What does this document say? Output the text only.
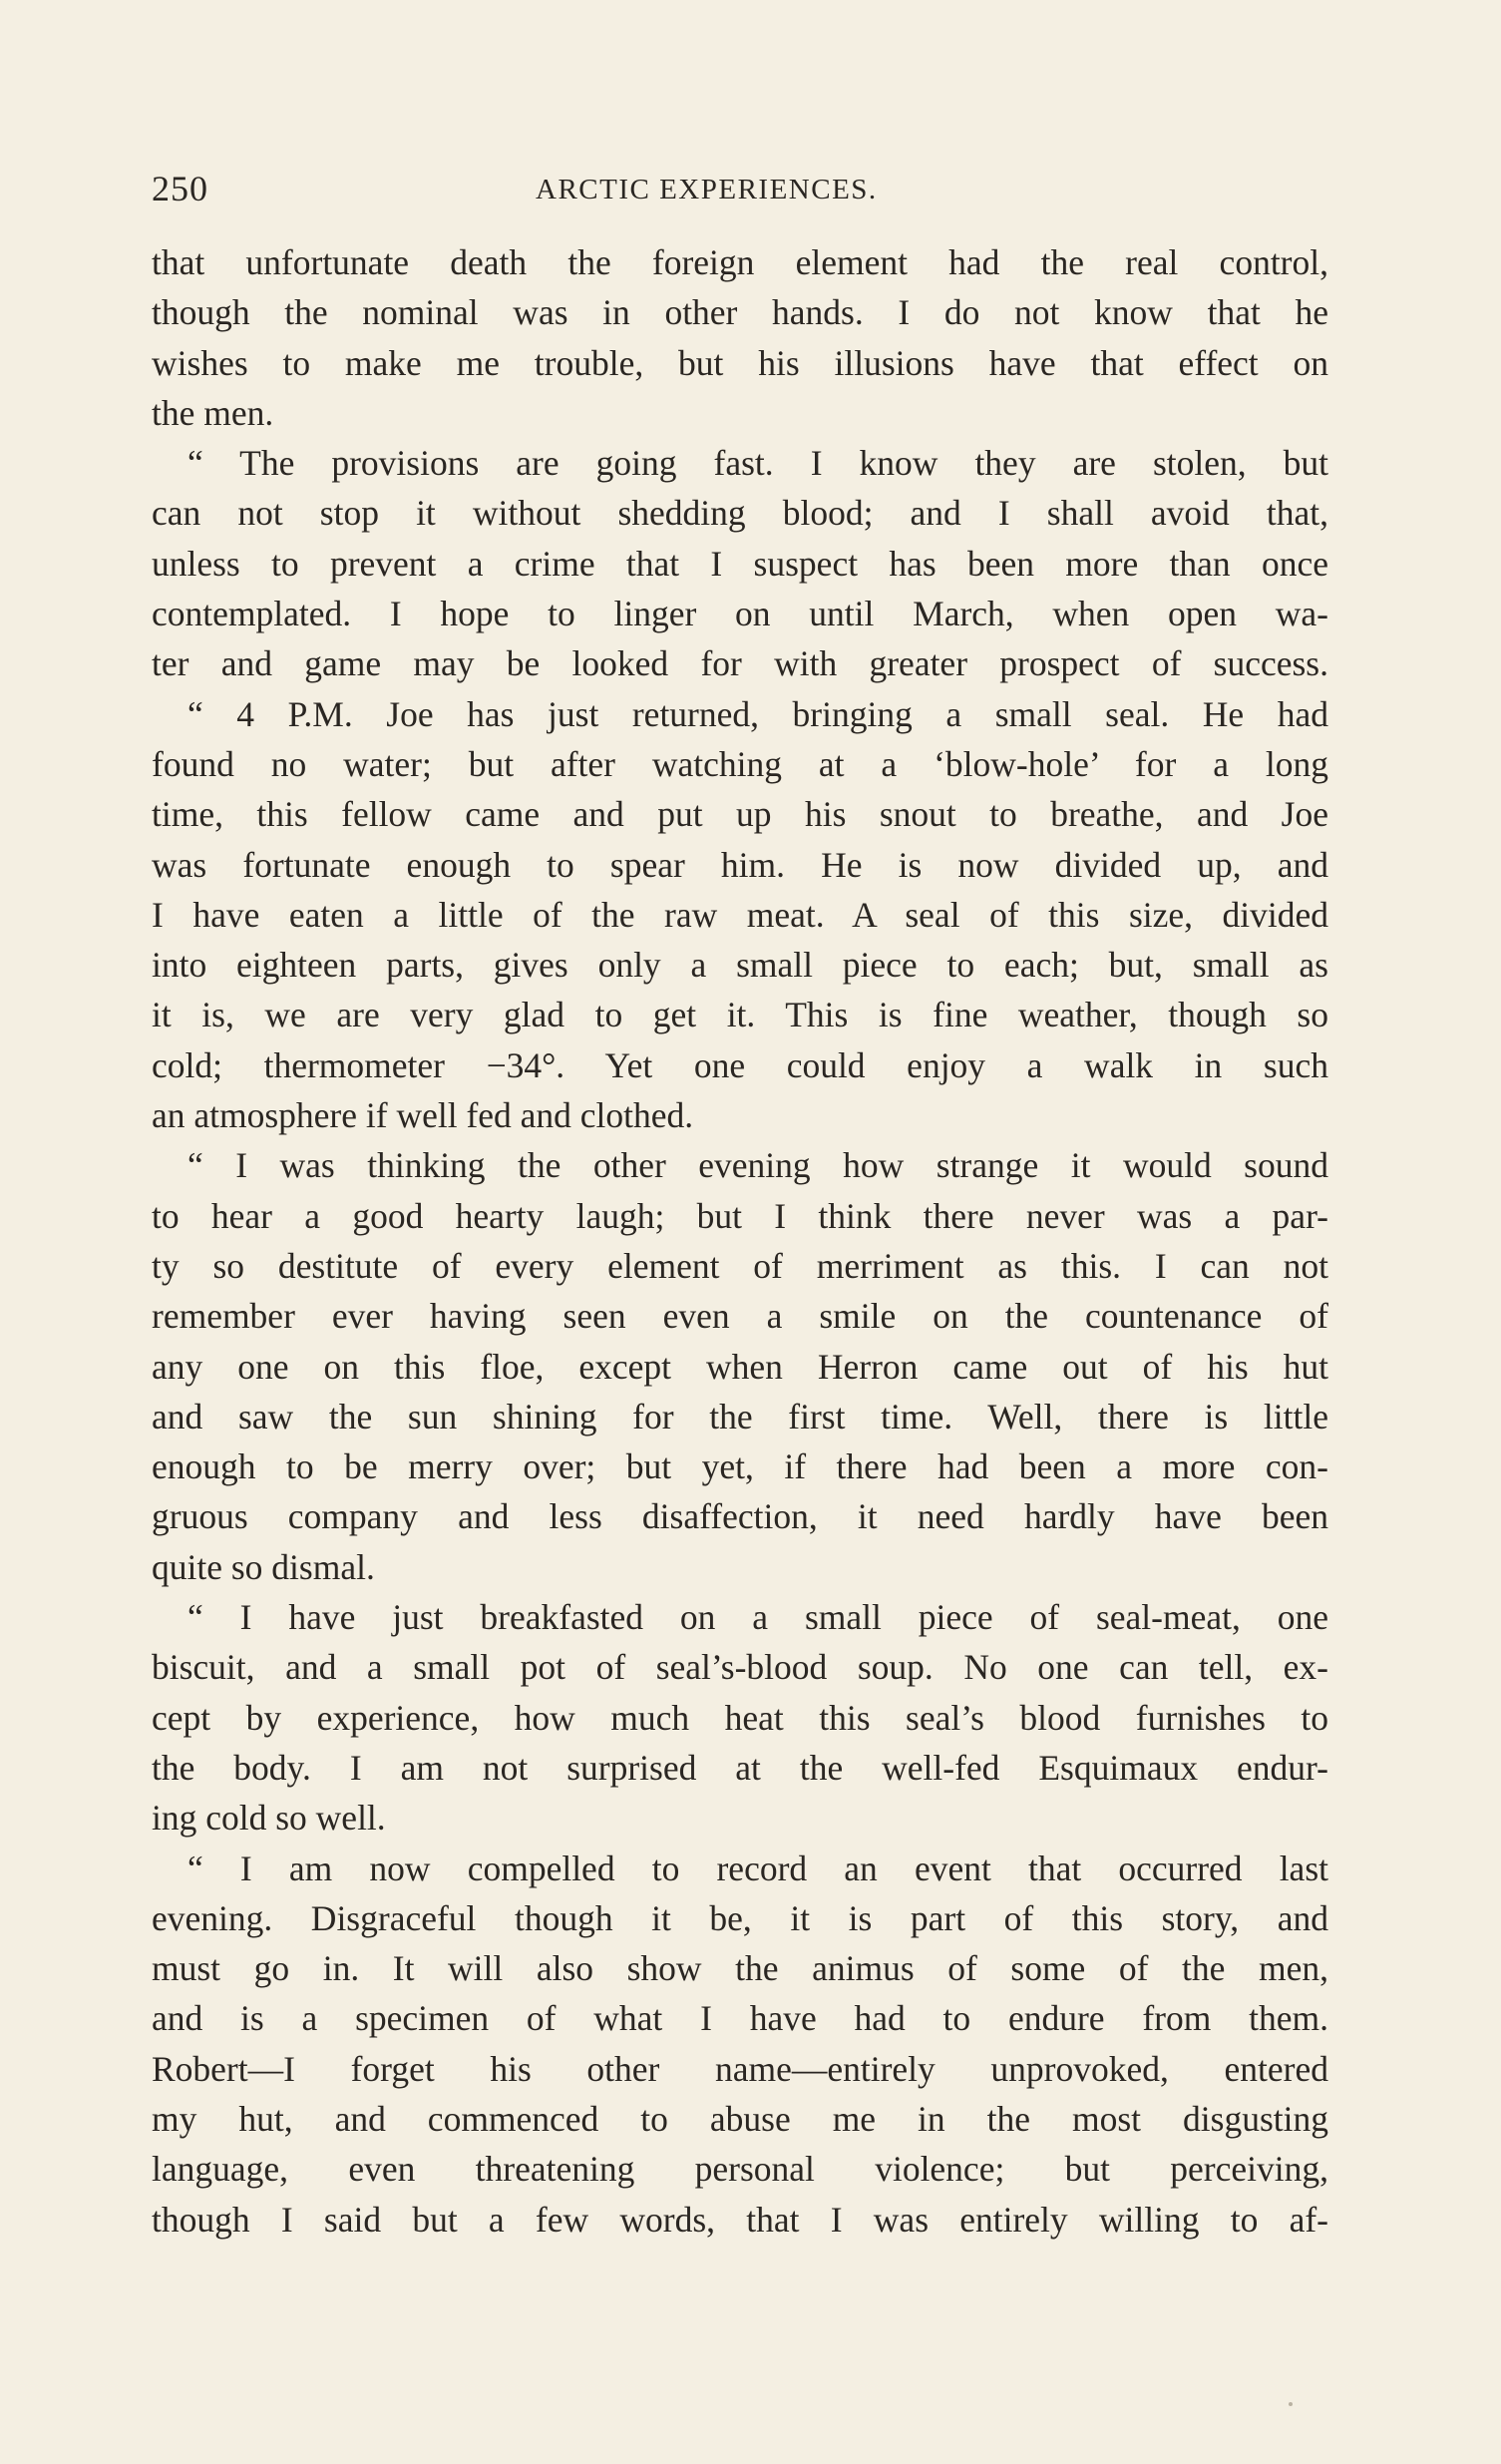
250	ARCTIC EXPERIENCES.
that unfortunate death the foreign element had the real control,
though the nominal was in other hands. I do not know that he
wishes to make me trouble, but his illusions have that effect on
the men.
“ The provisions are going fast. I know they are stolen, but
can not stop it without shedding blood; and I shall avoid that,
unless to prevent a crime that I suspect has been more than once
contemplated. I hope to linger on until March, when open wa-
ter and game may be looked for with greater prospect of success.
“ 4 P.M. Joe has just returned, bringing a small seal. He had
found no water; but after watching at a ‘blow-hole’ for a long
time, this fellow came and put up his snout to breathe, and Joe
was fortunate enough to spear him. He is now divided up, and
I have eaten a little of the raw meat. A seal of this size, divided
into eighteen parts, gives only a small piece to each; but, small as
it is, we are very glad to get it. This is fine weather, though so
cold; thermometer −34°. Yet one could enjoy a walk in such
an atmosphere if well fed and clothed.
“ I was thinking the other evening how strange it would sound
to hear a good hearty laugh; but I think there never was a par-
ty so destitute of every element of merriment as this. I can not
remember ever having seen even a smile on the countenance of
any one on this floe, except when Herron came out of his hut
and saw the sun shining for the first time. Well, there is little
enough to be merry over; but yet, if there had been a more con-
gruous company and less disaffection, it need hardly have been
quite so dismal.
“ I have just breakfasted on a small piece of seal-meat, one
biscuit, and a small pot of seal’s-blood soup. No one can tell, ex-
cept by experience, how much heat this seal’s blood furnishes to
the body. I am not surprised at the well-fed Esquimaux endur-
ing cold so well.
“ I am now compelled to record an event that occurred last
evening. Disgraceful though it be, it is part of this story, and
must go in. It will also show the animus of some of the men,
and is a specimen of what I have had to endure from them.
Robert—I forget his other name—entirely unprovoked, entered
my hut, and commenced to abuse me in the most disgusting
language, even threatening personal violence; but perceiving,
though I said but a few words, that I was entirely willing to af-
